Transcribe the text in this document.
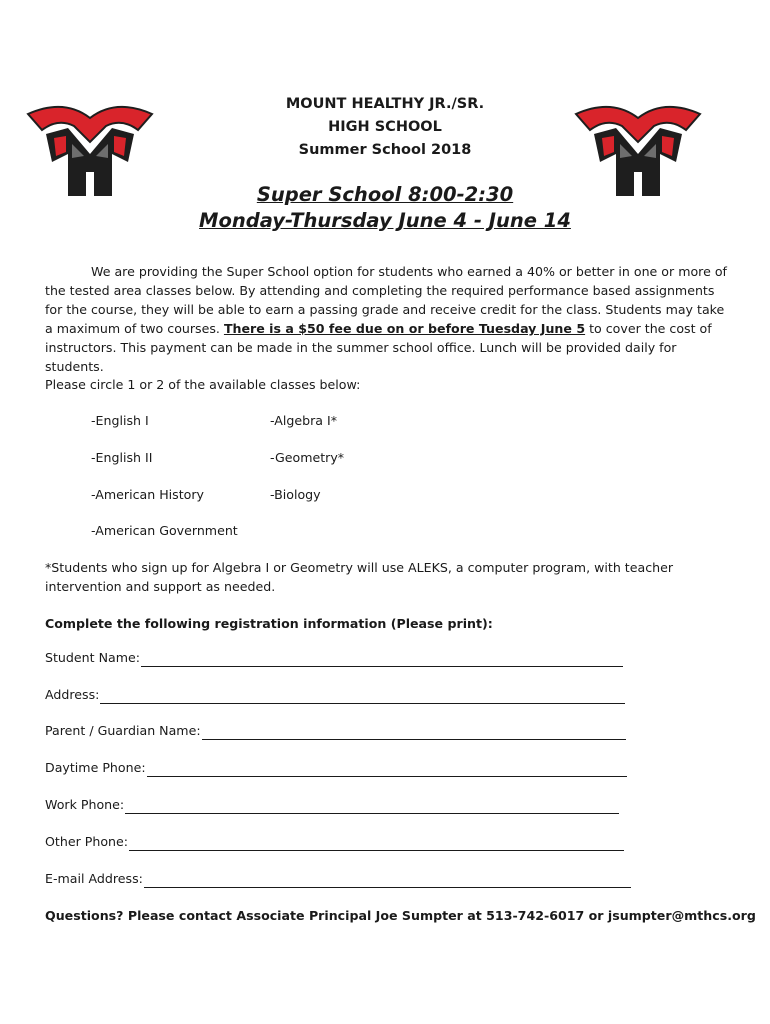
MOUNT HEALTHY JR./SR.
HIGH SCHOOL
Summer School 2018
Super School 8:00-2:30
Monday-Thursday June 4 - June 14
We are providing the Super School option for students who earned a 40% or better in one or more of the tested area classes below. By attending and completing the required performance based assignments for the course, they will be able to earn a passing grade and receive credit for the class. Students may take a maximum of two courses. There is a $50 fee due on or before Tuesday June 5 to cover the cost of instructors. This payment can be made in the summer school office. Lunch will be provided daily for students.
Please circle 1 or 2 of the available classes below:
-English I	-Algebra I*
-English II	-Geometry*
-American History	-Biology
-American Government
*Students who sign up for Algebra I or Geometry will use ALEKS, a computer program, with teacher intervention and support as needed.
Complete the following registration information (Please print):
Student Name:
Address:
Parent / Guardian Name:
Daytime Phone:
Work Phone:
Other Phone:
E-mail Address:
Questions? Please contact Associate Principal Joe Sumpter at 513-742-6017 or jsumpter@mthcs.org
